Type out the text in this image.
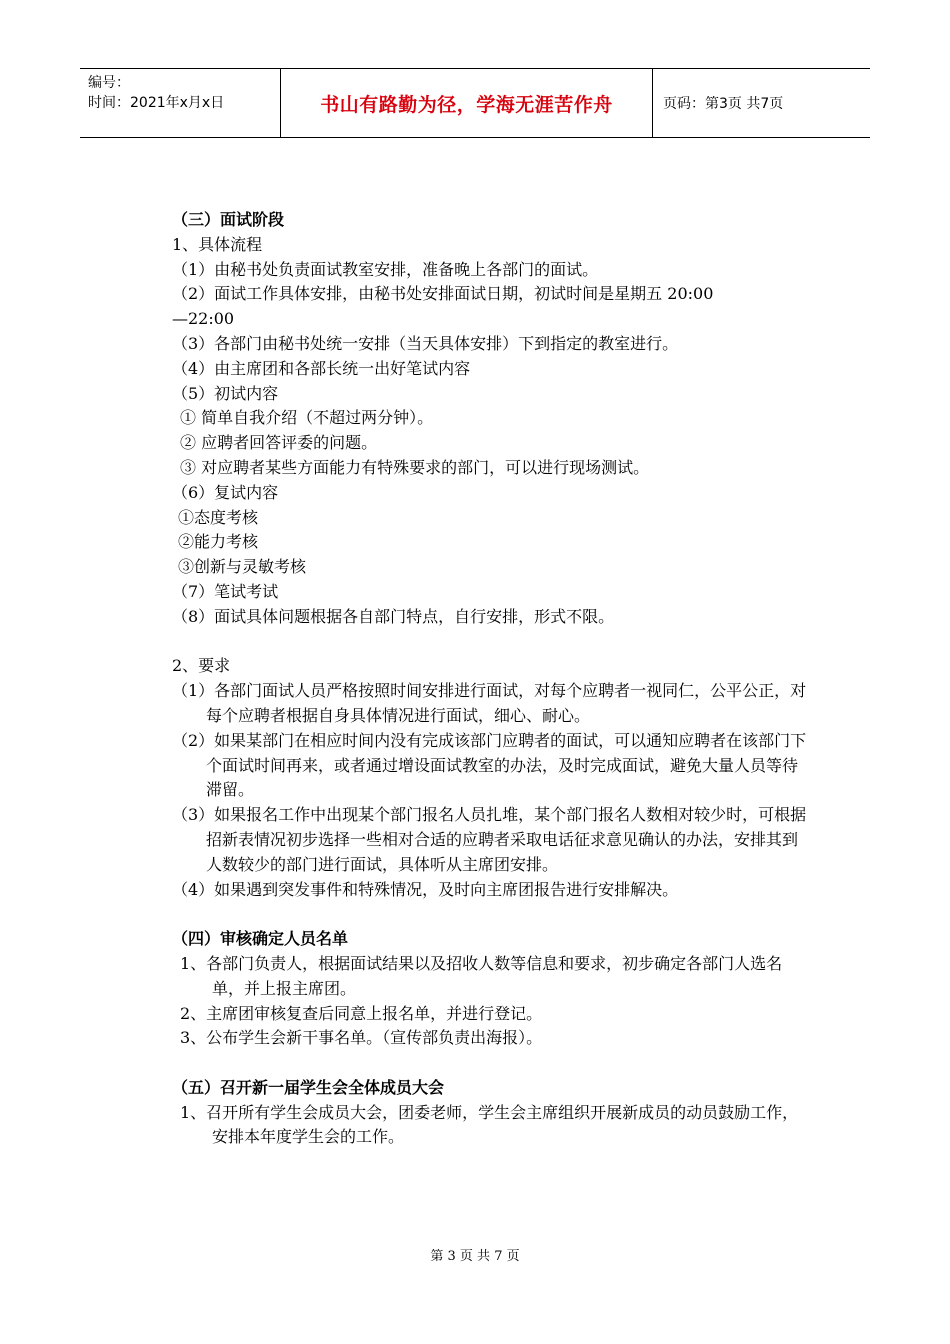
编号：
时间：2021年x月x日	书山有路勤为径，学海无涯苦作舟	页码：第3页 共7页
（三）面试阶段
1、具体流程
（1）由秘书处负责面试教室安排，准备晚上各部门的面试。
（2）面试工作具体安排，由秘书处安排面试日期，初试时间是星期五 20:00
—22:00
（3）各部门由秘书处统一安排（当天具体安排）下到指定的教室进行。
（4）由主席团和各部长统一出好笔试内容
（5）初试内容
① 简单自我介绍（不超过两分钟）。
② 应聘者回答评委的问题。
③ 对应聘者某些方面能力有特殊要求的部门，可以进行现场测试。
（6）复试内容
①态度考核
②能力考核
③创新与灵敏考核
（7）笔试考试
（8）面试具体问题根据各自部门特点，自行安排，形式不限。
2、要求
（1）各部门面试人员严格按照时间安排进行面试，对每个应聘者一视同仁，公平公正，对每个应聘者根据自身具体情况进行面试，细心、耐心。
（2）如果某部门在相应时间内没有完成该部门应聘者的面试，可以通知应聘者在该部门下个面试时间再来，或者通过增设面试教室的办法，及时完成面试，避免大量人员等待滞留。
（3）如果报名工作中出现某个部门报名人员扎堆，某个部门报名人数相对较少时，可根据招新表情况初步选择一些相对合适的应聘者采取电话征求意见确认的办法，安排其到人数较少的部门进行面试，具体听从主席团安排。
（4）如果遇到突发事件和特殊情况，及时向主席团报告进行安排解决。
（四）审核确定人员名单
1、各部门负责人，根据面试结果以及招收人数等信息和要求，初步确定各部门人选名单，并上报主席团。
2、主席团审核复查后同意上报名单，并进行登记。
3、公布学生会新干事名单。（宣传部负责出海报）。
（五）召开新一届学生会全体成员大会
1、召开所有学生会成员大会，团委老师，学生会主席组织开展新成员的动员鼓励工作，安排本年度学生会的工作。
第 3 页 共 7 页
